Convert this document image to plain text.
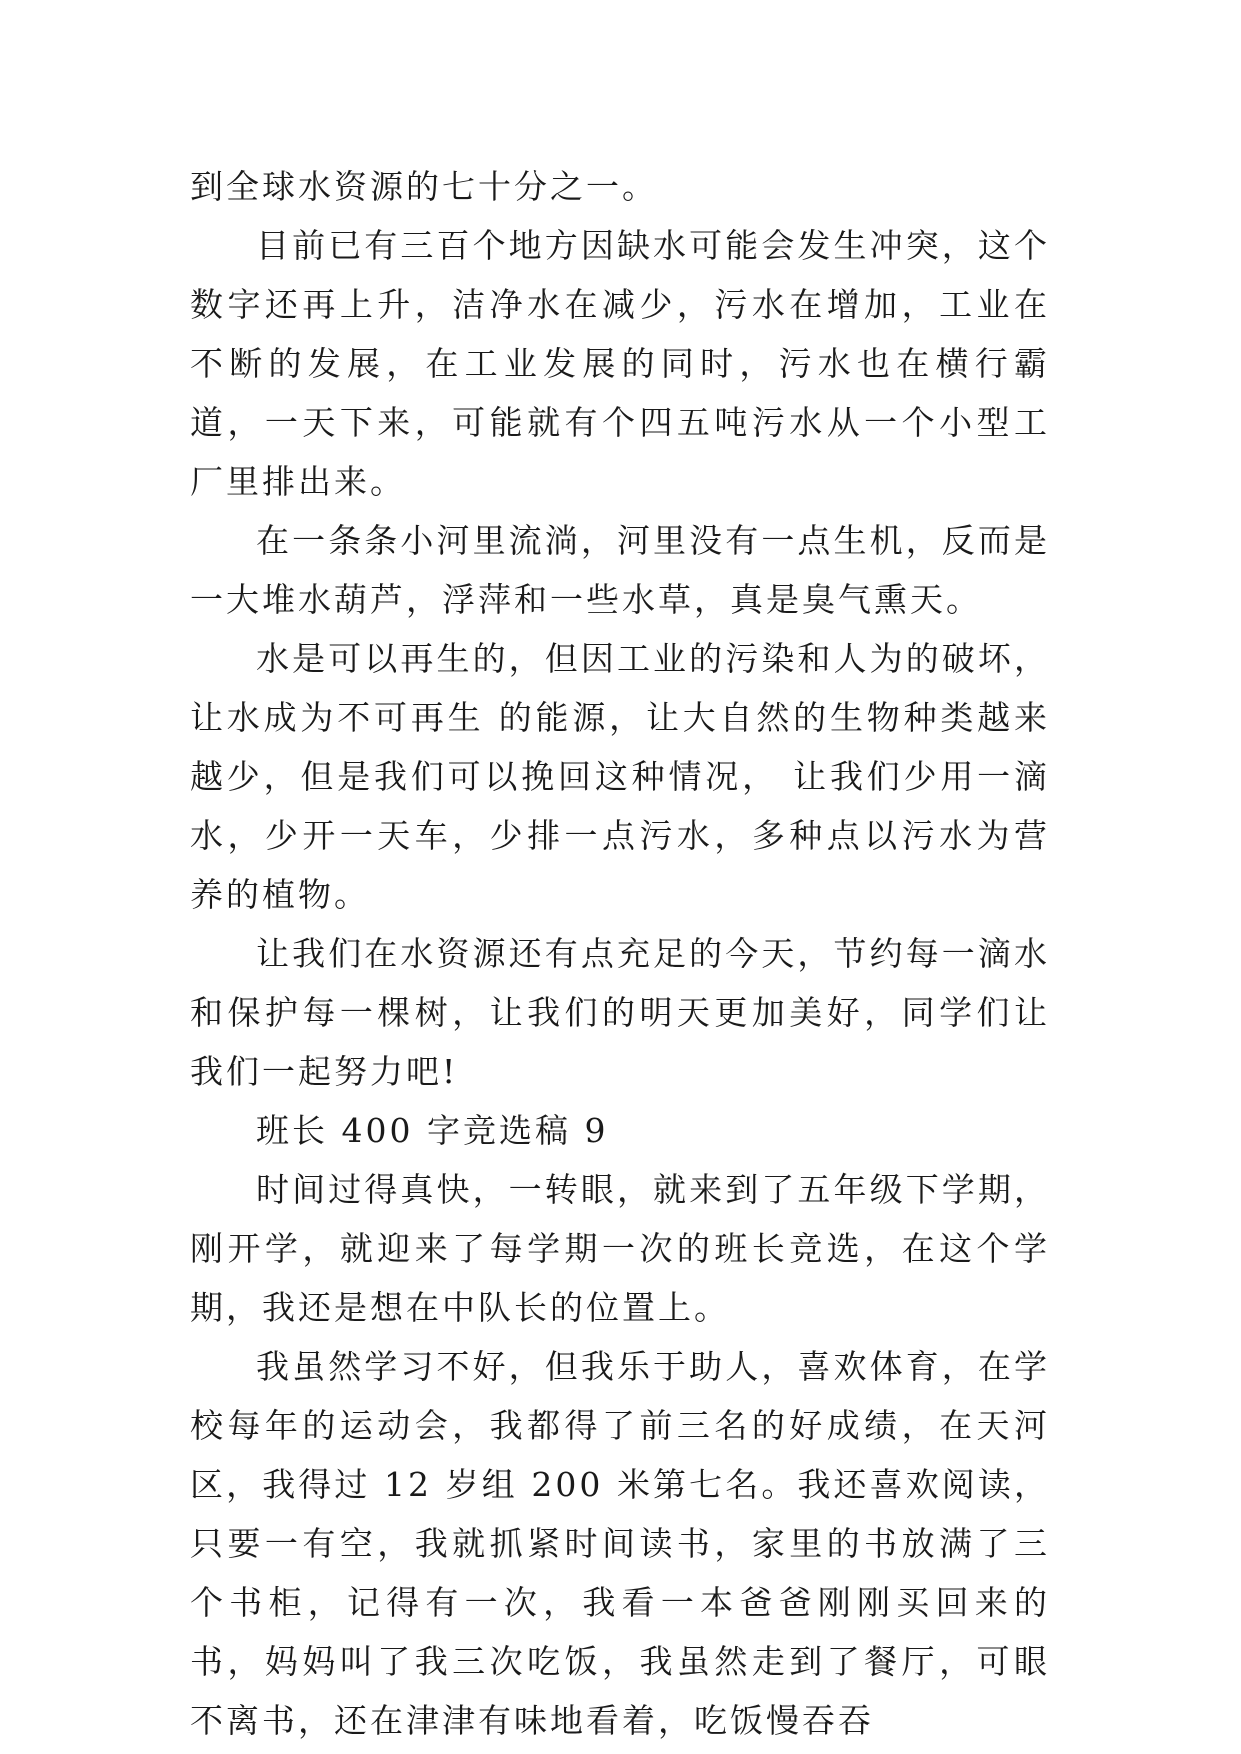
到全球水资源的七十分之一。

目前已有三百个地方因缺水可能会发生冲突，这个数字还再上升，洁净水在减少，污水在增加，工业在不断的发展，在工业发展的同时，污水也在横行霸道，一天下来，可能就有个四五吨污水从一个小型工厂里排出来。

在一条条小河里流淌，河里没有一点生机，反而是一大堆水葫芦，浮萍和一些水草，真是臭气熏天。

水是可以再生的，但因工业的污染和人为的破坏，让水成为不可再生 的能源，让大自然的生物种类越来越少，但是我们可以挽回这种情况， 让我们少用一滴水，少开一天车，少排一点污水，多种点以污水为营 养的植物。

让我们在水资源还有点充足的今天，节约每一滴水和保护每一棵树，让我们的明天更加美好，同学们让我们一起努力吧!

班长 400 字竞选稿 9

时间过得真快，一转眼，就来到了五年级下学期，刚开学，就迎来了每学期一次的班长竞选，在这个学期，我还是想在中队长的位置上。

我虽然学习不好，但我乐于助人，喜欢体育，在学校每年的运动会，我都得了前三名的好成绩，在天河区，我得过 12 岁组 200 米第七名。我还喜欢阅读，只要一有空，我就抓紧时间读书，家里的书放满了三个书柜，记得有一次，我看一本爸爸刚刚买回来的书，妈妈叫了我三次吃饭，我虽然走到了餐厅，可眼不离书，还在津津有味地看着，吃饭慢吞吞
